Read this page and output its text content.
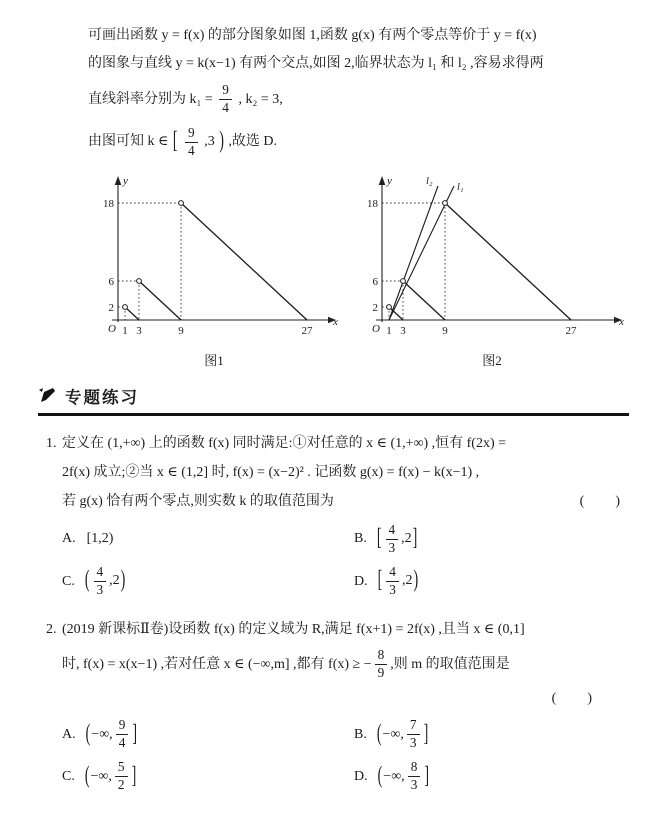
可画出函数 y = f(x) 的部分图象如图 1,函数 g(x) 有两个零点等价于 y = f(x)
的图象与直线 y = k(x−1) 有两个交点,如图 2,临界状态为 l₁ 和 l₂ ,容易求得两
直线斜率分别为 $k_1 = \frac{9}{4}$ , k₂ = 3,
由图可知 k ∈ [ $\frac{9}{4} ,3$ ) ,故选 D.
18
6
2
O 1 3	9	27
x
y
图1
18
6
2
O 1 3	9	27
x
y	l₂
l₁
图2
专题练习
1. 定义在 (1,+∞) 上的函数 f(x) 同时满足:①对任意的 x ∈ (1,+∞) ,恒有 f(2x) =
2f(x) 成立;②当 x ∈ (1,2] 时, f(x) = (x−2)² . 记函数 g(x) = f(x) − k(x−1) ,
若 g(x) 恰有两个零点,则实数 k 的取值范围为	(　　)
A. [1,2)	B. [ $\frac{4}{3} ,2$]
C. ( $\frac{4}{3} ,2$)	D. [ $\frac{4}{3} ,2$)
2. (2019 新课标Ⅱ卷)设函数 f(x) 的定义域为 R,满足 f(x+1) = 2f(x) ,且当 x ∈ (0,1]
时, f(x) = x(x−1) ,若对任意 x ∈ (−∞,m] ,都有 f(x) ≥ − $\frac{8}{9}$ ,则 m 的取值范围是
(　　)
A. (−∞, $\frac{9}{4}$ ]	B. (−∞, $\frac{7}{3}$ ]
C. (−∞, $\frac{5}{2}$ ]	D. (−∞, $\frac{8}{3}$ ]
